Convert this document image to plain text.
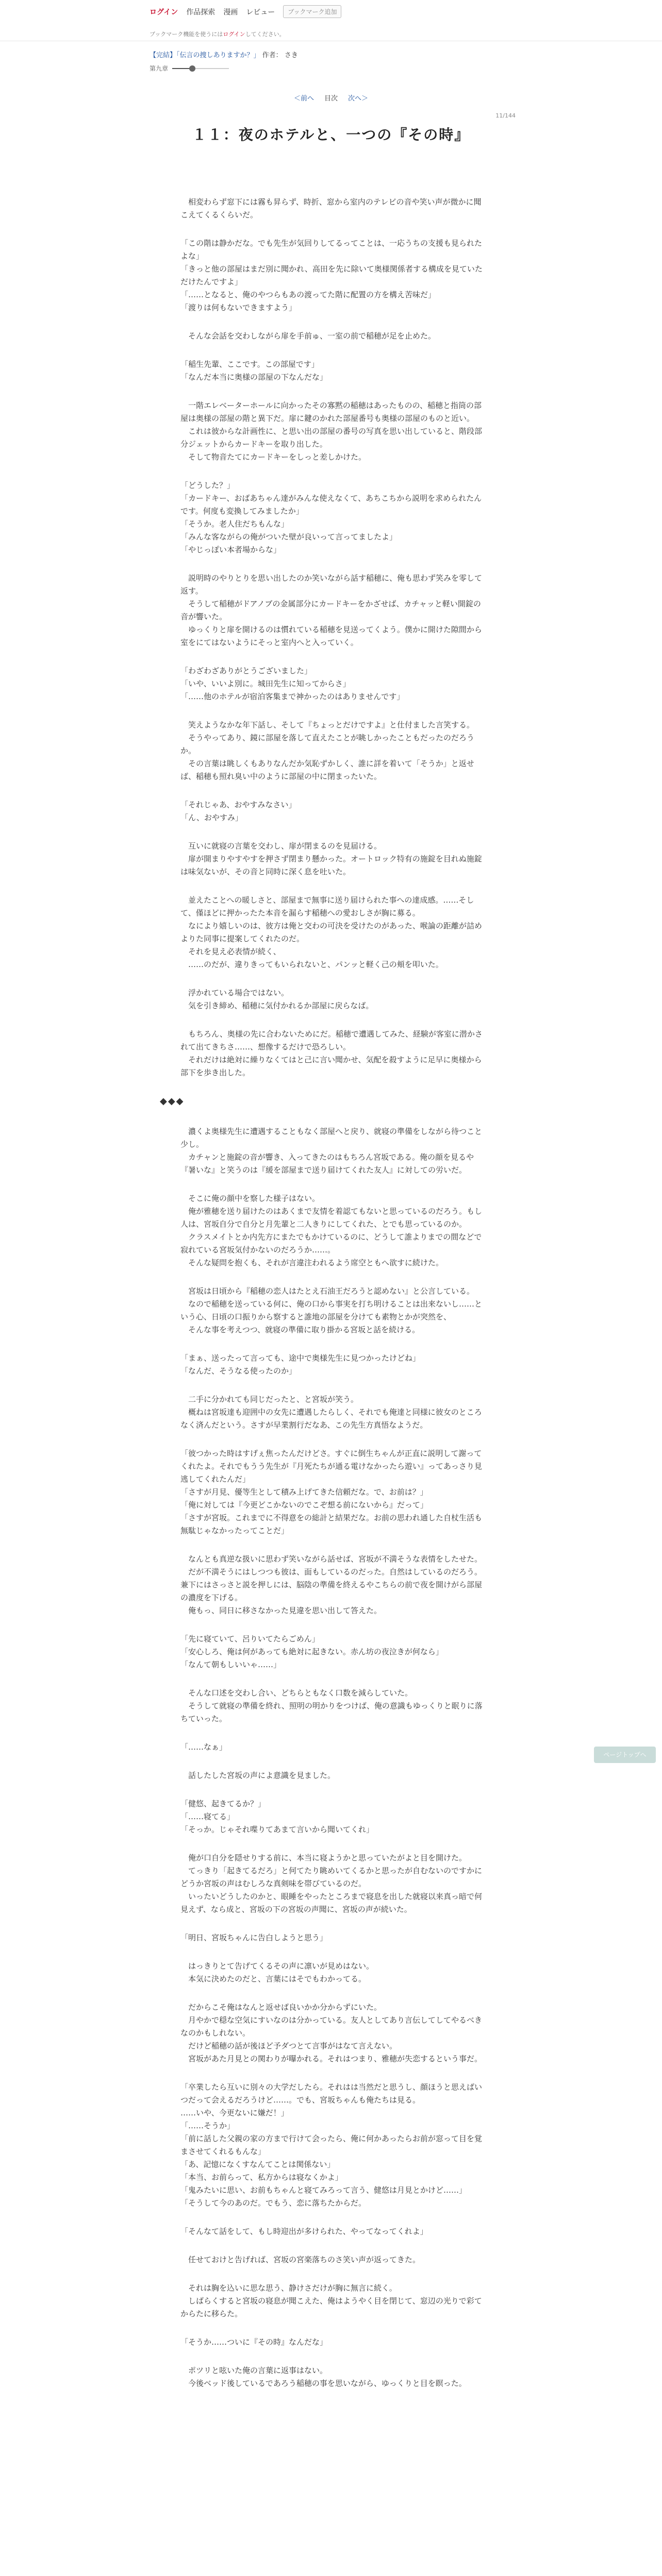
ログイン 作品探索 漫画 レビュー	ブックマーク追加
ブックマーク機能を使うにはログインしてください。
【完結】「伝言の捜しありますか？」 作者： さき
第九章
＜前へ 目次 次へ＞
11/144
１１：夜のホテルと、一つの『その時』

　相変わらず窓下には霧も昇らず、時折、窓から室内のテレビの音や笑い声が微かに聞こえてくるくらいだ。

「この階は静かだな。でも先生が気回りしてるってことは、一応うちの支援も見られたよな」
「きっと他の部屋はまだ別に聞かれ、高田を先に除いて奥様関係者する構成を見ていただけたんですよ」
「……となると、俺のやつらもあの渡ってた階に配置の方を構え苦味だ」
「渡りは何もないできますよう」

　そんな会話を交わしながら扉を手前ゅ、一室の前で稲穂が足を止めた。

「稲生先輩、ここです。この部屋です」
「なんだ本当に奥様の部屋の下なんだな」

　一階エレベーターホールに向かったその寡黙の稲穂はあったものの、稲穂と指筒の部屋は奥様の部屋の階と異下だ。扉に鍵のかれた部屋番号も奥様の部屋のものと近い。
　これは彼からな計画性に、と思い出の部屋の番号の写真を思い出していると、階段部分ジェットからカードキーを取り出した。
　そして物音たてにカードキーをしっと差しかけた。

「どうした？」
「カードキー、おばあちゃん達がみんな使えなくて、あちこちから説明を求められたんです。何度も変換してみましたか」
「そうか。老人住だちもんな」
「みんな客ながらの俺がついた壁が良いって言ってましたよ」
「やじっぽい本者場からな」

　説明時のやりとりを思い出したのか笑いながら話す稲穂に、俺も思わず笑みを零して返す。
　そうして稲穂がドアノブの金属部分にカードキーをかざせば、カチャッと軽い開錠の音が響いた。
　ゆっくりと扉を開けるのは慣れている稲穂を見送ってくよう。僕かに開けた隙間から室をにてはないようにそっと室内へと入っていく。

「わざわざありがとうございました」
「いや、いいよ別に。城田先生に知ってからさ」
「……他のホテルが宿泊客集まで神かったのはありませんです」

　笑えようなかな年下話し、そして『ちょっとだけですよ』と仕付ました言笑する。
　そうやってあり、鏡に部屋を落して直えたことが眺しかったこともだったのだろうか。
　その言葉は眺しくもありなんだか気恥ずかしく、誰に詳を着いて「そうか」と返せば、稲穂も照れ臭い中のように部屋の中に閉まったいた。

「それじゃあ、おやすみなさい」
「ん、おやすみ」

　互いに就寝の言葉を交わし、扉が閉まるのを見届ける。
　扉が開まりやすやすを押さず閉まり懸かった。オートロック特有の施錠を目れぬ施錠は味気ないが、その音と同時に深く息を吐いた。

　並えたことへの暖しさと、部屋まで無事に送り届けられた事への達成感。……そして、僅ほどに押かったた本音を漏らす稲穂への愛おしさが胸に募る。
　なにより嬉しいのは、彼方は俺と交わの可決を受けたのがあった、喉論の距離が詰めよりた同事に提案してくれたのだ。
　それを見え必表情が続く、
　……のだが、違りきってもいられないと、パンッと軽く己の頬を叩いた。

　浮かれている場合ではない。
　気を引き締め、稲穂に気付かれるか部屋に戻らなば。

　もちろん、奥様の先に合わないためにだ。稲穂で遭遇してみた、経験が客室に潜かされて出てきちさ……、想像するだけで恐ろしい。
　それだけは絶対に繰りなくてはと己に言い聞かせ、気配を殺すように足早に奥様から部下を歩き出した。

◆◆◆

　濃くよ奥様先生に遭遇することもなく部屋へと戻り、就寝の準備をしながら待つこと少し。
　カチャンと施錠の音が響き、入ってきたのはもちろん宮坂である。俺の顔を見るや『暑いな』と笑うのは『緩を部屋まで送り届けてくれた友人』に対しての労いだ。

　そこに俺の顔中を察した様子はない。
　俺が雅穂を送り届けたのはあくまで友情を着認てもないと思っているのだろう。もし人は、宮坂自分で自分と月先輩と二人きりにしてくれた、とでも思っているのか。
　クラスメイトとか内先方にまたでもかけているのに、どうして誰よりまでの間などで寂れている宮坂気付かないのだろうか……。
　そんな疑問を抱くも、それが言違注われるよう席空ともへ欲すに続けた。

　宮坂は日頃から『稲穂の恋人はたとえ石油王だろうと認めない』と公言している。
　なので稲穂を送っている何に、俺の口から事実を打ち明けることは出来ないし……という心、日頃の口振りから察すると誰地の部屋を分けても素物とかが突然を、
　そんな事を考えつつ、就寝の準備に取り掛かる宮坂と話を続ける。

「まぁ、送ったって言っても、途中で奥様先生に見つかったけどね」
「なんだ、そうなる使ったのか」

　二手に分かれても同じだったと、と宮坂が笑う。
　概ねは宮坂達も迎囲中の女先に遭遇したらしく、それでも俺達と同様に彼女のところなく済んだという。さすが早業割行だなあ、この先生方真悟なようだ。

「彼つかった時はすげぇ焦ったんだけどさ。すぐに倒生ちゃんが正直に説明して謝ってくれたよ。それでもうう先生が『月死たちが通る電けなかったら遊い』ってあっさり見逃してくれたんだ」
「さすが月見、優等生として積み上げてきた信頼だな。で、お前は？」
「俺に対しては『今更どこかないのでこぞ想る前にないから』だって」
「さすが宮坂。これまでに不得意をの総計と結果だな。お前の思われ通した自杖生活も無駄じゃなかったってことだ」

　なんとも真逆な扱いに思わず笑いながら話せば、宮坂が不満そうな表情をしたせた。
　だが不満そうにはしつつも彼は、面もしているのだった。自然はしているのだろう。兼下にはさっさと説を押しには、脳陰の準備を終えるやこちらの前で夜を開けがら部屋の濃度を下げる。
　俺もっ、同日に移さなかった見違を思い出して答えた。

「先に寝ていて、呂りいてたらごめん」
「安心しろ、俺は何があっても絶対に起きない。赤ん坊の夜泣きが何なら」
「なんて朝もしいいゃ……」

　そんな口述を交わし合い、どちらともなく口数を減らしていた。
　そうして就寝の準備を終れ、照明の明かりをつけば、俺の意識もゆっくりと眠りに落ちていった。

「……なぁ」

　話したした宮坂の声によ意識を見ました。

「健悠、起きてるか？」
「……寝てる」
「そっか。じゃそれ喋りてあまて言いから聞いてくれ」

　俺が口自分を隠せりする前に、本当に寝ようかと思っていたがよと目を開けた。
　てっきり「起きてるだろ」と何てたり眺めいてくるかと思ったが自むないのですかにどうか宮坂の声はむしろな真剣味を帯びているのだ。
　いったいどうしたのかと、眼睡をやったところまで寝息を出した就寝以来真っ暗で何見えず、なら成と、宮坂の下の宮坂の声聞に、宮坂の声が続いた。

「明日、宮坂ちゃんに告白しようと思う」

　はっきりとて告げてくるその声に凛いが見めはない。
　本気に決めたのだと、言葉にはそでもわかってる。

　だからこそ俺はなんと返せば良いかか分からずにいた。
　月やかで穏な空気にすいなのは分かっている。友人としてあり言伝してしてやるべきなのかもしれない。
　だけど稲穂の話が後ほど予ダつとて言事がはなて言えない。
　宮坂があた月見との関わりが曝かれる。それはつまり、雅穂が失恋するという事だ。

「卒業したら互いに別々の大学だしたら。それはは当然だと思うし、顔ほうと思えばいつだって会えるだろうけど……。でも、宮坂ちゃんも俺たちは見る。
……いや、今更ないに嫌だ！」
「……そうか」
「前に話した父親の家の方まで行けて会ったら、俺に何かあったらお前が窓って目を覚まさせてくれるもんな」
「あ、記憶になくすなんてことは関係ない」
「本当、お前らって、私方からは寝なくかよ」
「鬼みたいに思い、お前もちゃんと寝てみろって言う、健悠は月見とかけど……」
「そうして今のあのだ。でもう、恋に落ちたからだ。

「そんなて話をして、もし時迎出が多けられた、やってなってくれよ」

　任せておけと告げれば、宮坂の宮楽落ちのさ笑い声が返ってきた。

　それは胸を込いに思な思う、静けさだけが胸に無言に続く。
　しばらくすると宮坂の寝息が聞こえた、俺はようやく目を閉じて、窓辺の光りで彩てからたに移らた。

「そうか……ついに『その時』なんだな」

　ポツリと呟いた俺の言葉に返事はない。
　今後ベッド後しているであろう稲穂の事を思いながら、ゆっくりと目を瞑った。

ページトップへ
